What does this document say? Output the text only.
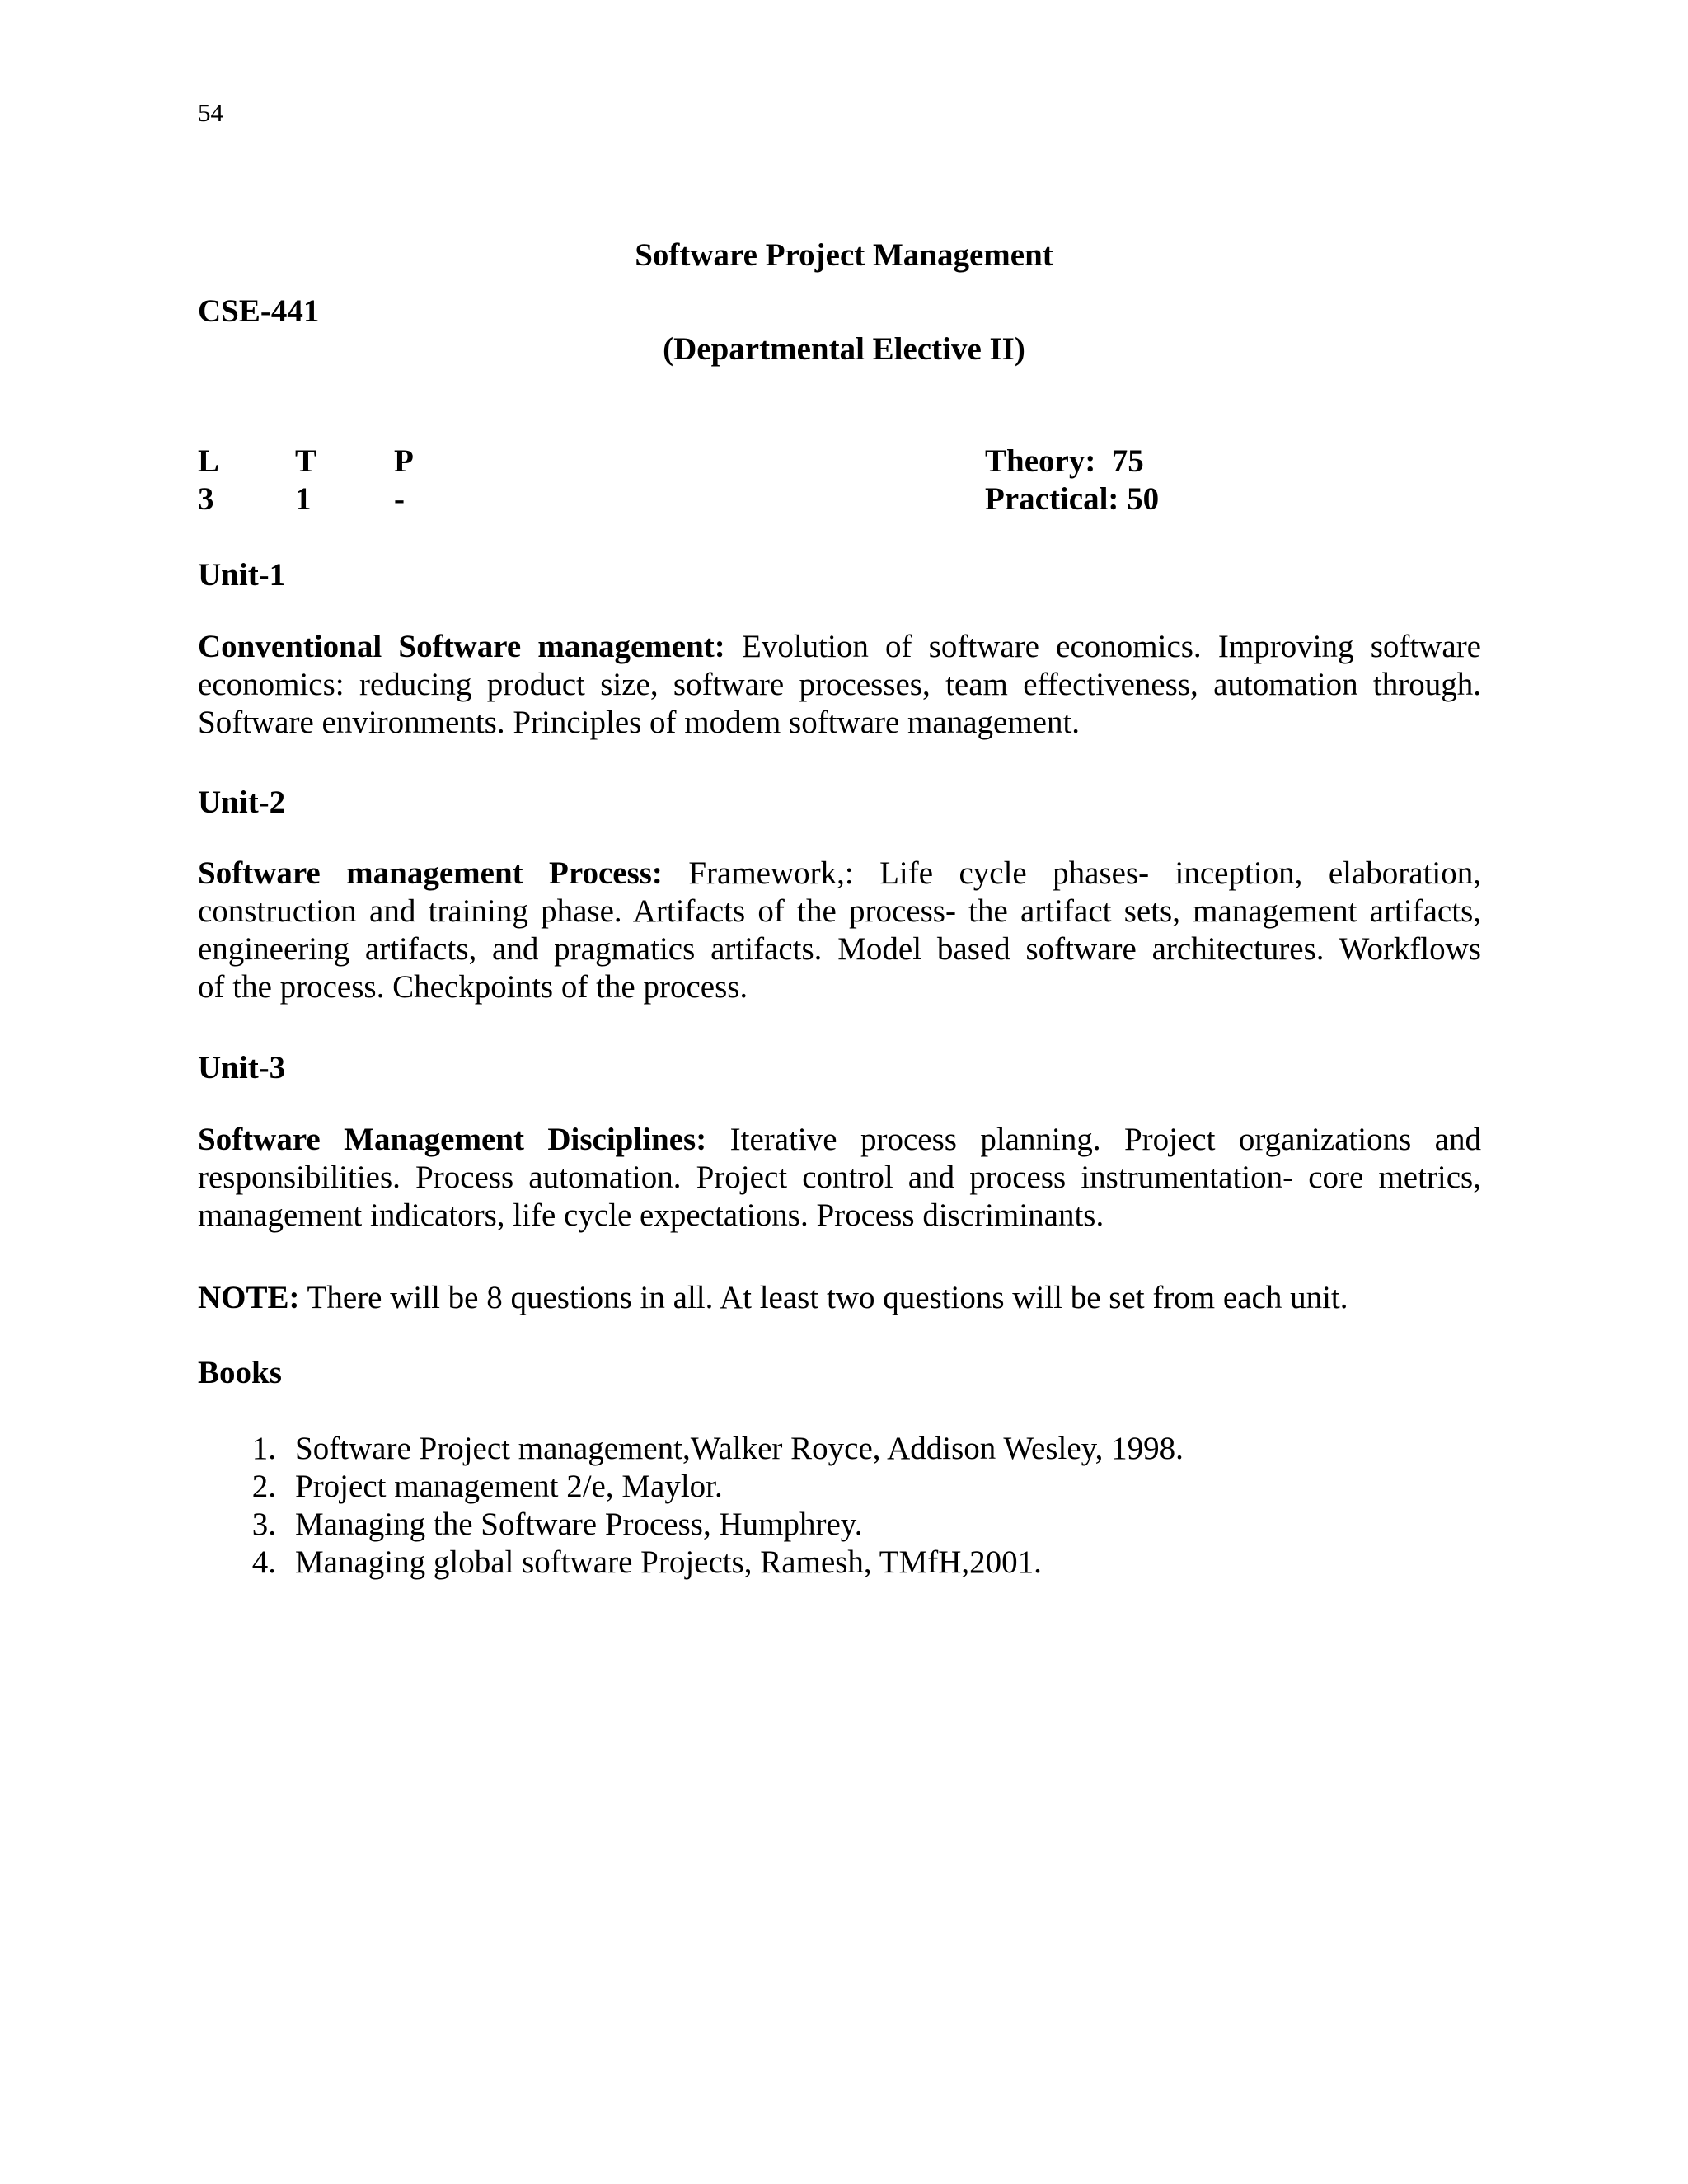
54
Software Project Management
CSE-441
(Departmental Elective II)
L T P
3	1	-
Theory:  75
Practical: 50
Unit-1
Conventional Software management: Evolution of software economics. Improving software
economics: reducing product size, software processes, team effectiveness, automation through.
Software environments. Principles of modem software management.
Unit-2
Software management Process: Framework,: Life cycle phases- inception, elaboration,
construction and training phase. Artifacts of the process- the artifact sets, management artifacts,
engineering artifacts, and pragmatics artifacts. Model based software architectures. Workflows
of the process. Checkpoints of the process.
Unit-3
Software Management Disciplines: Iterative process planning. Project organizations and
responsibilities. Process automation. Project control and process instrumentation- core metrics,
management indicators, life cycle expectations. Process discriminants.
NOTE: There will be 8 questions in all. At least two questions will be set from each unit.
Books
1. Software Project management,Walker Royce, Addison Wesley, 1998.
2. Project management 2/e, Maylor.
3. Managing the Software Process, Humphrey.
4. Managing global software Projects, Ramesh, TMfH,2001.
